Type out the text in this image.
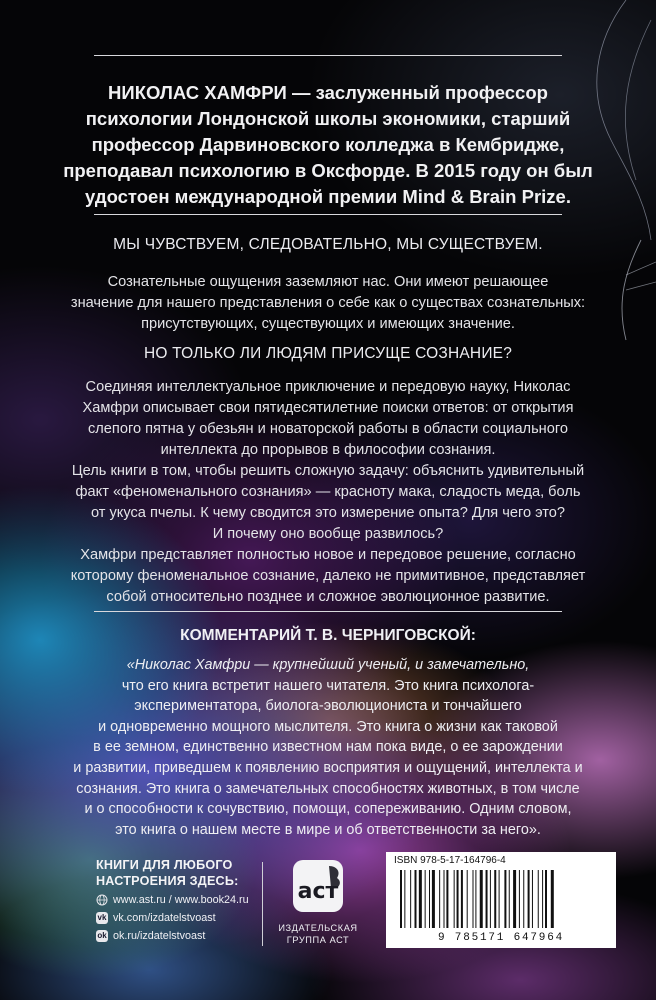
НИКОЛАС ХАМФРИ — заслуженный профессор
психологии Лондонской школы экономики, старший
профессор Дарвиновского колледжа в Кембридже,
преподавал психологию в Оксфорде. В 2015 году он был
удостоен международной премии Mind & Brain Prize.
МЫ ЧУВСТВУЕМ, СЛЕДОВАТЕЛЬНО, МЫ СУЩЕСТВУЕМ.
Сознательные ощущения заземляют нас. Они имеют решающее
значение для нашего представления о себе как о существах сознательных:
присутствующих, существующих и имеющих значение.
НО ТОЛЬКО ЛИ ЛЮДЯМ ПРИСУЩЕ СОЗНАНИЕ?
Соединяя интеллектуальное приключение и передовую науку, Николас
Хамфри описывает свои пятидесятилетние поиски ответов: от открытия
слепого пятна у обезьян и новаторской работы в области социального
интеллекта до прорывов в философии сознания.
Цель книги в том, чтобы решить сложную задачу: объяснить удивительный
факт «феноменального сознания» — красноту мака, сладость меда, боль
от укуса пчелы. К чему сводится это измерение опыта? Для чего это?
И почему оно вообще развилось?
Хамфри представляет полностью новое и передовое решение, согласно
которому феноменальное сознание, далеко не примитивное, представляет
собой относительно позднее и сложное эволюционное развитие.
КОММЕНТАРИЙ Т. В. ЧЕРНИГОВСКОЙ:
«Николас Хамфри — крупнейший ученый, и замечательно,
что его книга встретит нашего читателя. Это книга психолога-
экспериментатора, биолога-эволюциониста и тончайшего
и одновременно мощного мыслителя. Это книга о жизни как таковой
в ее земном, единственно известном нам пока виде, о ее зарождении
и развитии, приведшем к появлению восприятия и ощущений, интеллекта и
сознания. Это книга о замечательных способностях животных, в том числе
и о способности к сочувствию, помощи, сопереживанию. Одним словом,
это книга о нашем месте в мире и об ответственности за него».
КНИГИ ДЛЯ ЛЮБОГО
НАСТРОЕНИЯ ЗДЕСЬ:
www.ast.ru / www.book24.ru
vk vk.com/izdatelstvoast
ok ok.ru/izdatelstvoast
аст
ИЗДАТЕЛЬСКАЯ
ГРУППА АСТ
ISBN 978-5-17-164796-4
9 785171 647964
